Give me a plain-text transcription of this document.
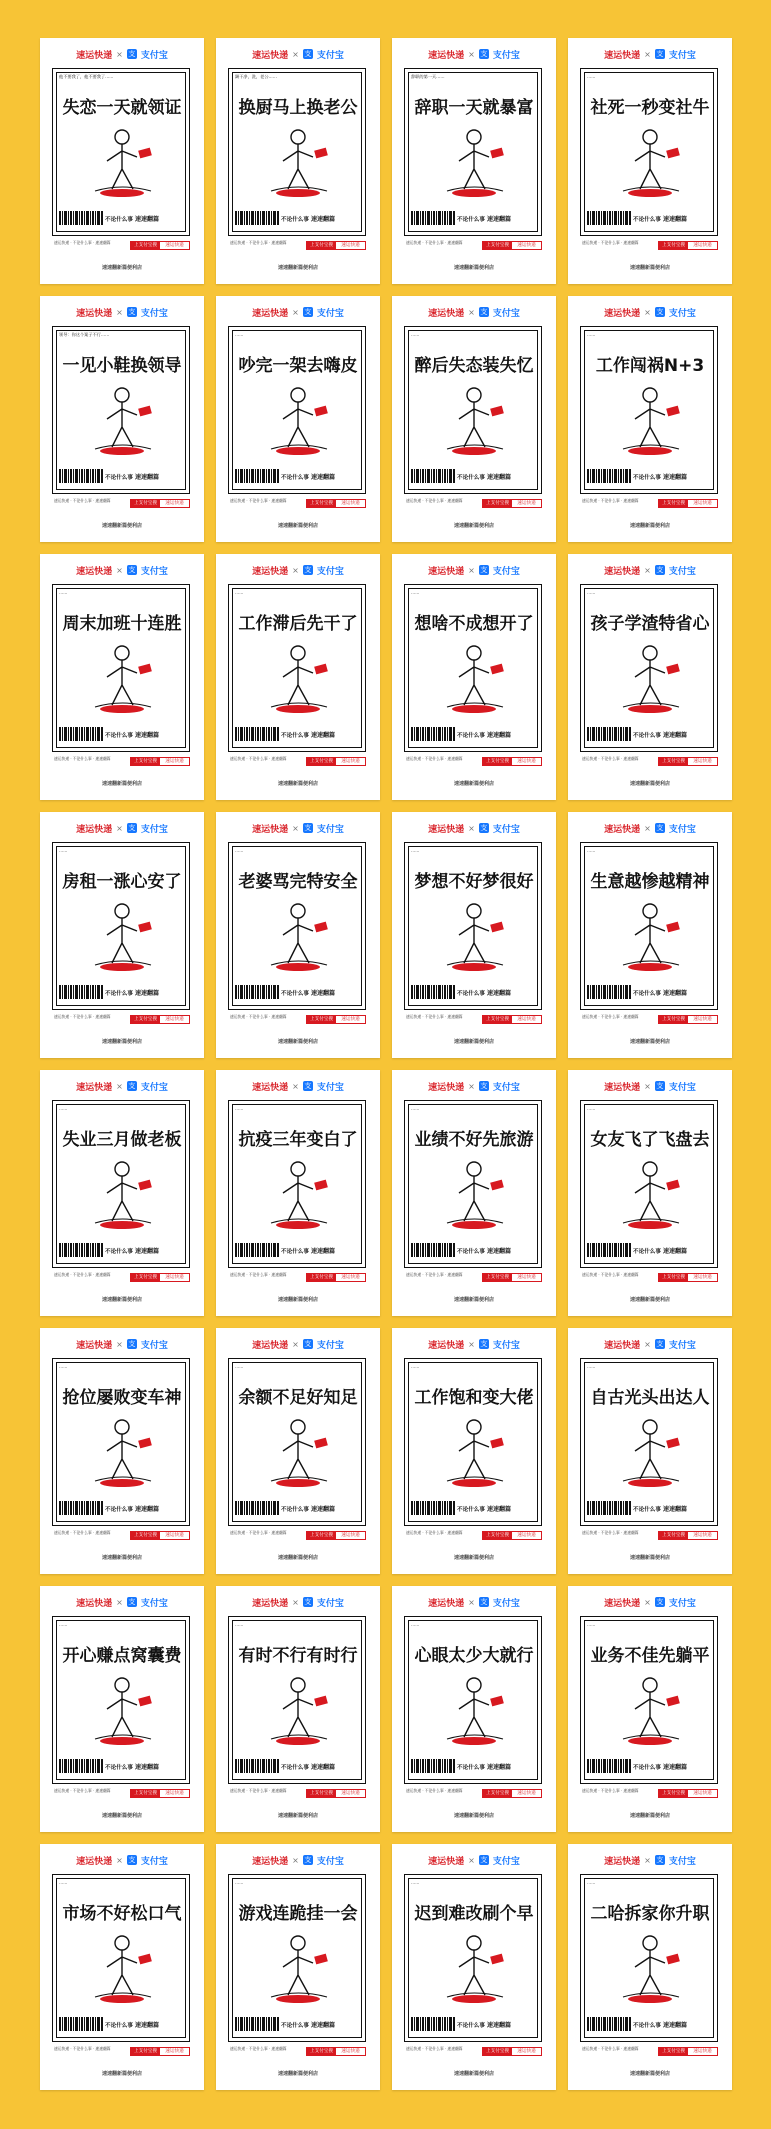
速运快递 × 支 支付宝
他不要我了，他不要我了……
失恋一天就领证
不论什么事 速速翻篇
速运快递 · 不论什么事 · 速速翻篇
上支付宝搜	速运快递
速速翻新篇便利店
速运快递 × 支 支付宝
踢干净，洗，老公……
换厨马上换老公
不论什么事 速速翻篇
速运快递 · 不论什么事 · 速速翻篇
上支付宝搜	速运快递
速速翻新篇便利店
速运快递 × 支 支付宝
辞职的第一天……
辞职一天就暴富
不论什么事 速速翻篇
速运快递 · 不论什么事 · 速速翻篇
上支付宝搜	速运快递
速速翻新篇便利店
速运快递 × 支 支付宝
……
社死一秒变社牛
不论什么事 速速翻篇
速运快递 · 不论什么事 · 速速翻篇
上支付宝搜	速运快递
速速翻新篇便利店
速运快递 × 支 支付宝
领导：你这个案子不行……
一见小鞋换领导
不论什么事 速速翻篇
速运快递 · 不论什么事 · 速速翻篇
上支付宝搜	速运快递
速速翻新篇便利店
速运快递 × 支 支付宝
……
吵完一架去嗨皮
不论什么事 速速翻篇
速运快递 · 不论什么事 · 速速翻篇
上支付宝搜	速运快递
速速翻新篇便利店
速运快递 × 支 支付宝
……
醉后失态装失忆
不论什么事 速速翻篇
速运快递 · 不论什么事 · 速速翻篇
上支付宝搜	速运快递
速速翻新篇便利店
速运快递 × 支 支付宝
……
工作闯祸N+3
不论什么事 速速翻篇
速运快递 · 不论什么事 · 速速翻篇
上支付宝搜	速运快递
速速翻新篇便利店
速运快递 × 支 支付宝
……
周末加班十连胜
不论什么事 速速翻篇
速运快递 · 不论什么事 · 速速翻篇
上支付宝搜	速运快递
速速翻新篇便利店
速运快递 × 支 支付宝
……
工作滞后先干了
不论什么事 速速翻篇
速运快递 · 不论什么事 · 速速翻篇
上支付宝搜	速运快递
速速翻新篇便利店
速运快递 × 支 支付宝
……
想啥不成想开了
不论什么事 速速翻篇
速运快递 · 不论什么事 · 速速翻篇
上支付宝搜	速运快递
速速翻新篇便利店
速运快递 × 支 支付宝
……
孩子学渣特省心
不论什么事 速速翻篇
速运快递 · 不论什么事 · 速速翻篇
上支付宝搜	速运快递
速速翻新篇便利店
速运快递 × 支 支付宝
……
房租一涨心安了
不论什么事 速速翻篇
速运快递 · 不论什么事 · 速速翻篇
上支付宝搜	速运快递
速速翻新篇便利店
速运快递 × 支 支付宝
……
老婆骂完特安全
不论什么事 速速翻篇
速运快递 · 不论什么事 · 速速翻篇
上支付宝搜	速运快递
速速翻新篇便利店
速运快递 × 支 支付宝
……
梦想不好梦很好
不论什么事 速速翻篇
速运快递 · 不论什么事 · 速速翻篇
上支付宝搜	速运快递
速速翻新篇便利店
速运快递 × 支 支付宝
……
生意越惨越精神
不论什么事 速速翻篇
速运快递 · 不论什么事 · 速速翻篇
上支付宝搜	速运快递
速速翻新篇便利店
速运快递 × 支 支付宝
……
失业三月做老板
不论什么事 速速翻篇
速运快递 · 不论什么事 · 速速翻篇
上支付宝搜	速运快递
速速翻新篇便利店
速运快递 × 支 支付宝
……
抗疫三年变白了
不论什么事 速速翻篇
速运快递 · 不论什么事 · 速速翻篇
上支付宝搜	速运快递
速速翻新篇便利店
速运快递 × 支 支付宝
……
业绩不好先旅游
不论什么事 速速翻篇
速运快递 · 不论什么事 · 速速翻篇
上支付宝搜	速运快递
速速翻新篇便利店
速运快递 × 支 支付宝
……
女友飞了飞盘去
不论什么事 速速翻篇
速运快递 · 不论什么事 · 速速翻篇
上支付宝搜	速运快递
速速翻新篇便利店
速运快递 × 支 支付宝
……
抢位屡败变车神
不论什么事 速速翻篇
速运快递 · 不论什么事 · 速速翻篇
上支付宝搜	速运快递
速速翻新篇便利店
速运快递 × 支 支付宝
……
余额不足好知足
不论什么事 速速翻篇
速运快递 · 不论什么事 · 速速翻篇
上支付宝搜	速运快递
速速翻新篇便利店
速运快递 × 支 支付宝
……
工作饱和变大佬
不论什么事 速速翻篇
速运快递 · 不论什么事 · 速速翻篇
上支付宝搜	速运快递
速速翻新篇便利店
速运快递 × 支 支付宝
……
自古光头出达人
不论什么事 速速翻篇
速运快递 · 不论什么事 · 速速翻篇
上支付宝搜	速运快递
速速翻新篇便利店
速运快递 × 支 支付宝
……
开心赚点窝囊费
不论什么事 速速翻篇
速运快递 · 不论什么事 · 速速翻篇
上支付宝搜	速运快递
速速翻新篇便利店
速运快递 × 支 支付宝
……
有时不行有时行
不论什么事 速速翻篇
速运快递 · 不论什么事 · 速速翻篇
上支付宝搜	速运快递
速速翻新篇便利店
速运快递 × 支 支付宝
……
心眼太少大就行
不论什么事 速速翻篇
速运快递 · 不论什么事 · 速速翻篇
上支付宝搜	速运快递
速速翻新篇便利店
速运快递 × 支 支付宝
……
业务不佳先躺平
不论什么事 速速翻篇
速运快递 · 不论什么事 · 速速翻篇
上支付宝搜	速运快递
速速翻新篇便利店
速运快递 × 支 支付宝
……
市场不好松口气
不论什么事 速速翻篇
速运快递 · 不论什么事 · 速速翻篇
上支付宝搜	速运快递
速速翻新篇便利店
速运快递 × 支 支付宝
……
游戏连跪挂一会
不论什么事 速速翻篇
速运快递 · 不论什么事 · 速速翻篇
上支付宝搜	速运快递
速速翻新篇便利店
速运快递 × 支 支付宝
……
迟到难改刷个早
不论什么事 速速翻篇
速运快递 · 不论什么事 · 速速翻篇
上支付宝搜	速运快递
速速翻新篇便利店
速运快递 × 支 支付宝
……
二哈拆家你升职
不论什么事 速速翻篇
速运快递 · 不论什么事 · 速速翻篇
上支付宝搜	速运快递
速速翻新篇便利店
